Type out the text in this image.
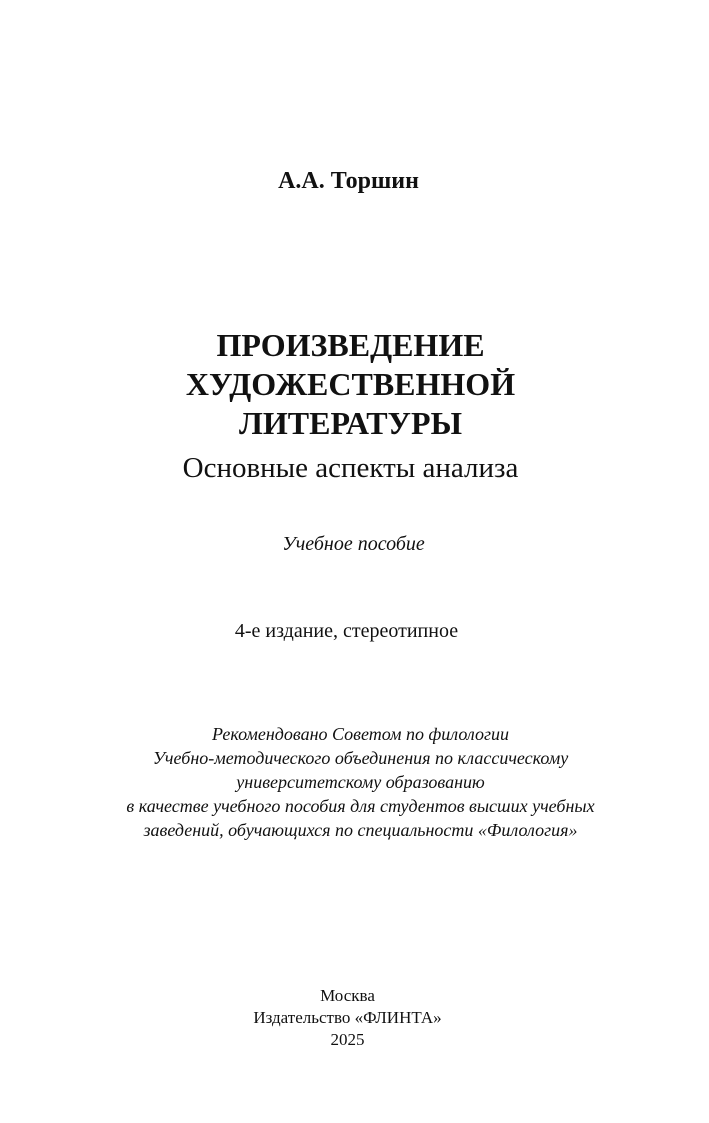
А.А. Торшин
ПРОИЗВЕДЕНИЕ
ХУДОЖЕСТВЕННОЙ
ЛИТЕРАТУРЫ
Основные аспекты анализа
Учебное пособие
4-е издание, стереотипное
Рекомендовано Советом по филологии
Учебно-методического объединения по классическому
университетскому образованию
в качестве учебного пособия для студентов высших учебных
заведений, обучающихся по специальности «Филология»
Москва
Издательство «ФЛИНТА»
2025
